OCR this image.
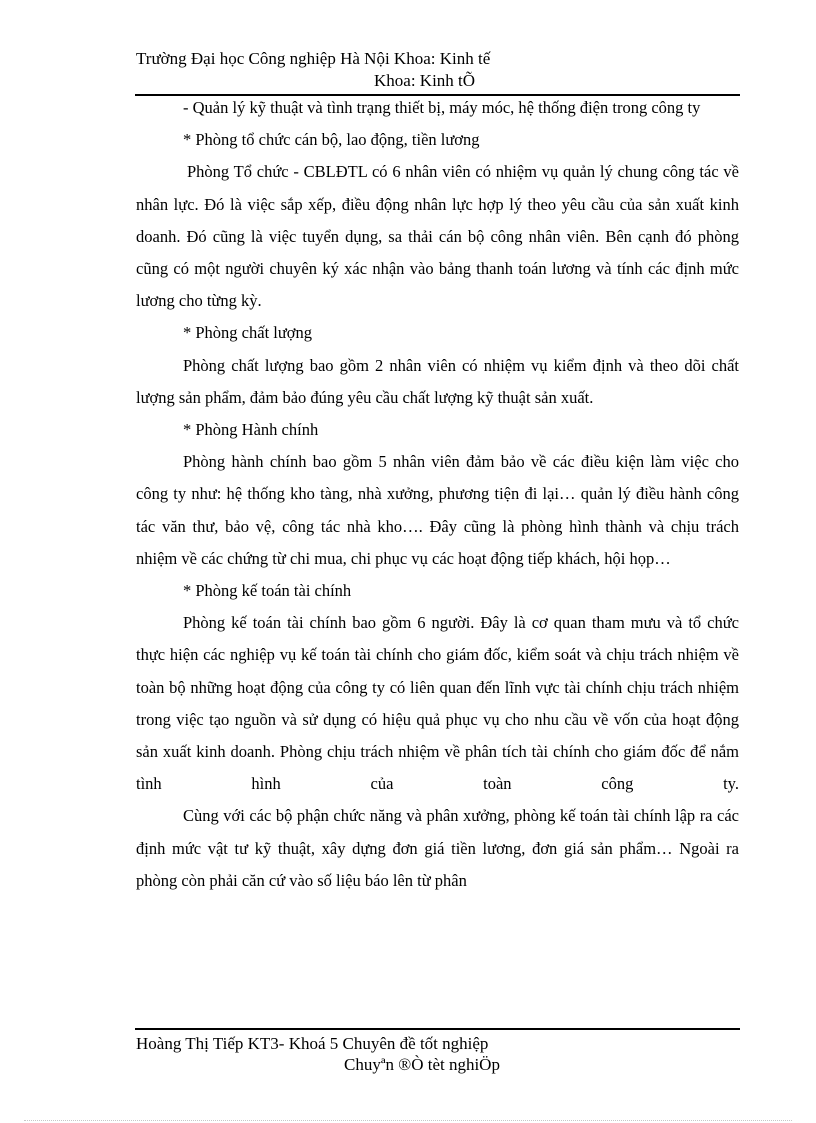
Trường Đại học Công nghiệp Hà Nội Khoa: Kinh tế
Khoa: Kinh tÕ

- Quản lý kỹ thuật và tình trạng thiết bị, máy móc, hệ thống điện trong công ty

* Phòng tổ chức cán bộ, lao động, tiền lương

Phòng Tổ chức - CBLĐTL có 6 nhân viên có nhiệm vụ quản lý chung công tác về nhân lực. Đó là việc sắp xếp, điều động nhân lực hợp lý theo yêu cầu của sản xuất kinh doanh. Đó cũng là việc tuyển dụng, sa thải cán bộ công nhân viên. Bên cạnh đó phòng cũng có một người chuyên ký xác nhận vào bảng thanh toán lương và tính các định mức lương cho từng kỳ.

* Phòng chất lượng

Phòng chất lượng bao gồm 2 nhân viên có nhiệm vụ kiểm định và theo dõi chất lượng sản phẩm, đảm bảo đúng yêu cầu chất lượng kỹ thuật sản xuất.

* Phòng Hành chính

Phòng hành chính bao gồm 5 nhân viên đảm bảo về các điều kiện làm việc cho công ty như: hệ thống kho tàng, nhà xưởng, phương tiện đi lại… quản lý điều hành công tác văn thư, bảo vệ, công tác nhà kho…. Đây cũng là phòng hình thành và chịu trách nhiệm về các chứng từ chi mua, chi phục vụ các hoạt động tiếp khách, hội họp…

* Phòng kế toán tài chính

Phòng kế toán tài chính bao gồm 6 người. Đây là cơ quan tham mưu và tổ chức thực hiện các nghiệp vụ kế toán tài chính cho giám đốc, kiểm soát và chịu trách nhiệm về toàn bộ những hoạt động của công ty có liên quan đến lĩnh vực tài chính chịu trách nhiệm trong việc tạo nguồn và sử dụng có hiệu quả phục vụ cho nhu cầu về vốn của hoạt động sản xuất kinh doanh. Phòng chịu trách nhiệm về phân tích tài chính cho giám đốc để nắm tình hình của toàn công ty.

Cùng với các bộ phận chức năng và phân xưởng, phòng kế toán tài chính lập ra các định mức vật tư kỹ thuật, xây dựng đơn giá tiền lương, đơn giá sản phẩm… Ngoài ra phòng còn phải căn cứ vào số liệu báo lên từ phân

Hoàng Thị Tiếp KT3- Khoá 5 Chuyên đề tốt nghiệp
Chuyªn ®Ò tèt nghiÖp
